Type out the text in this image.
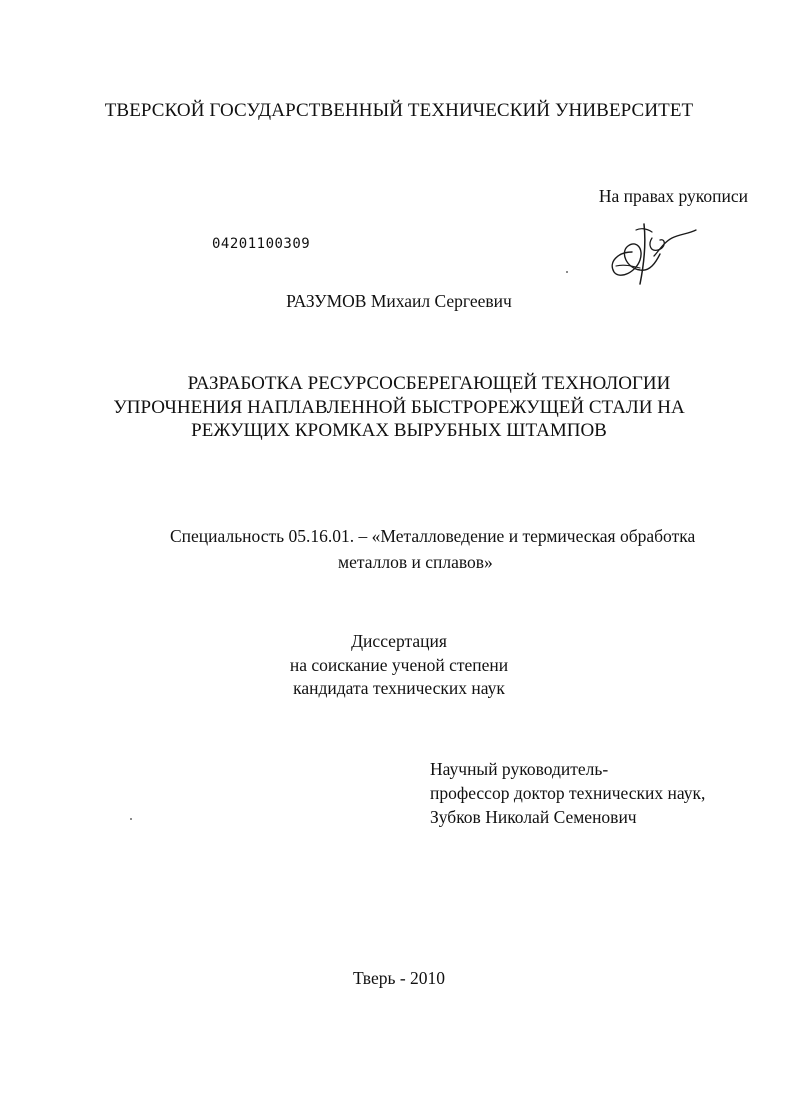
ТВЕРСКОЙ ГОСУДАРСТВЕННЫЙ ТЕХНИЧЕСКИЙ УНИВЕРСИТЕТ
На правах рукописи
04201100309
РАЗУМОВ Михаил Сергеевич
РАЗРАБОТКА РЕСУРСОСБЕРЕГАЮЩЕЙ ТЕХНОЛОГИИ
УПРОЧНЕНИЯ НАПЛАВЛЕННОЙ БЫСТРОРЕЖУЩЕЙ СТАЛИ НА
РЕЖУЩИХ КРОМКАХ ВЫРУБНЫХ ШТАМПОВ
Специальность 05.16.01. – «Металловедение и термическая обработка
металлов и сплавов»
Диссертация
на соискание ученой степени
кандидата технических наук
Научный руководитель-
профессор доктор технических наук,
Зубков Николай Семенович
Тверь - 2010
